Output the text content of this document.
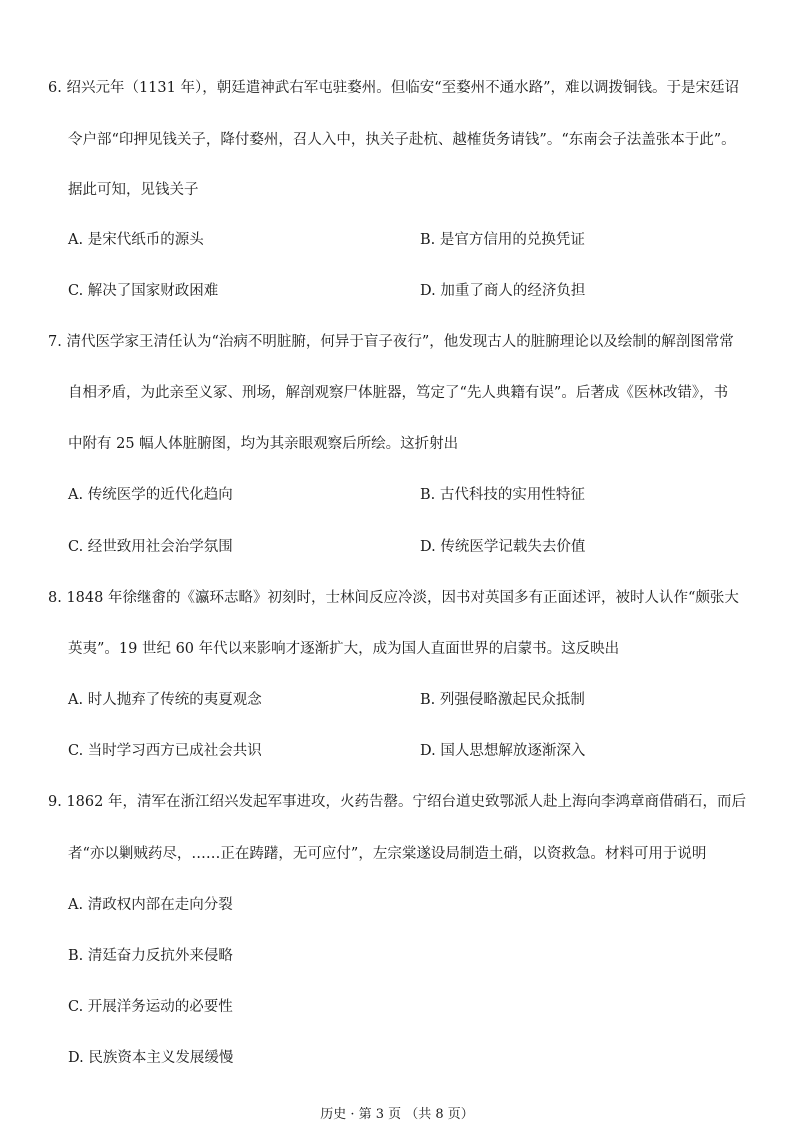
6. 绍兴元年（1131 年），朝廷遣神武右军屯驻婺州。但临安“至婺州不通水路”，难以调拨铜钱。于是宋廷诏
令户部“印押见钱关子，降付婺州，召人入中，执关子赴杭、越榷货务请钱”。“东南会子法盖张本于此”。
据此可知，见钱关子
A. 是宋代纸币的源头	B. 是官方信用的兑换凭证
C. 解决了国家财政困难	D. 加重了商人的经济负担
7. 清代医学家王清任认为“治病不明脏腑，何异于盲子夜行”，他发现古人的脏腑理论以及绘制的解剖图常常
自相矛盾，为此亲至义冢、刑场，解剖观察尸体脏器，笃定了“先人典籍有误”。后著成《医林改错》，书
中附有 25 幅人体脏腑图，均为其亲眼观察后所绘。这折射出
A. 传统医学的近代化趋向	B. 古代科技的实用性特征
C. 经世致用社会治学氛围	D. 传统医学记载失去价值
8. 1848 年徐继畬的《瀛环志略》初刻时，士林间反应冷淡，因书对英国多有正面述评，被时人认作“颇张大
英夷”。19 世纪 60 年代以来影响才逐渐扩大，成为国人直面世界的启蒙书。这反映出
A. 时人抛弃了传统的夷夏观念	B. 列强侵略激起民众抵制
C. 当时学习西方已成社会共识	D. 国人思想解放逐渐深入
9. 1862 年，清军在浙江绍兴发起军事进攻，火药告罄。宁绍台道史致鄂派人赴上海向李鸿章商借硝石，而后
者“亦以剿贼药尽，……正在踌躇，无可应付”，左宗棠遂设局制造土硝，以资救急。材料可用于说明
A. 清政权内部在走向分裂
B. 清廷奋力反抗外来侵略
C. 开展洋务运动的必要性
D. 民族资本主义发展缓慢
历史 · 第 3 页 （共 8 页）
